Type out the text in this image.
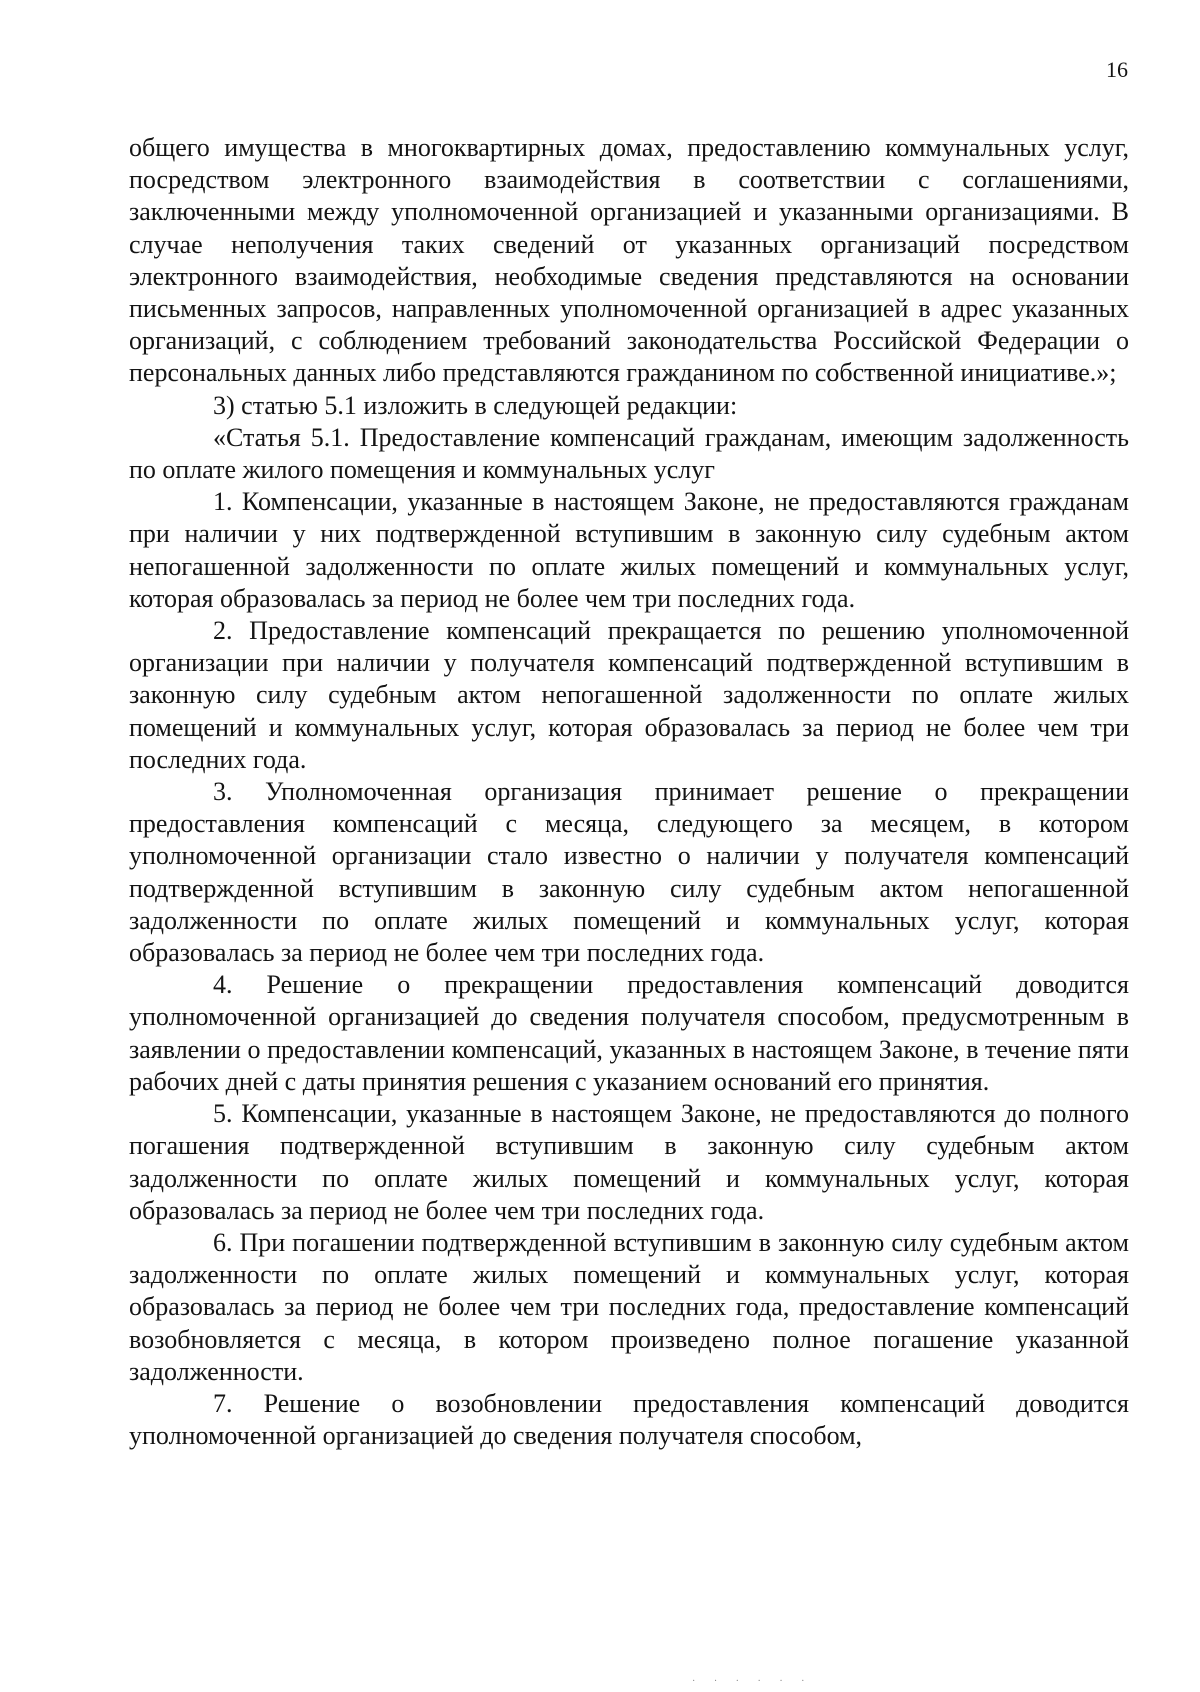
16

общего имущества в многоквартирных домах, предоставлению коммунальных услуг, посредством электронного взаимодействия в соответствии с соглашениями, заключенными между уполномоченной организацией и указанными организациями. В случае неполучения таких сведений от указанных организаций посредством электронного взаимодействия, необходимые сведения представляются на основании письменных запросов, направленных уполномоченной организацией в адрес указанных организаций, с соблюдением требований законодательства Российской Федерации о персональных данных либо представляются гражданином по собственной инициативе.»;

3) статью 5.1 изложить в следующей редакции:

«Статья 5.1. Предоставление компенсаций гражданам, имеющим задолженность по оплате жилого помещения и коммунальных услуг

1. Компенсации, указанные в настоящем Законе, не предоставляются гражданам при наличии у них подтвержденной вступившим в законную силу судебным актом непогашенной задолженности по оплате жилых помещений и коммунальных услуг, которая образовалась за период не более чем три последних года.

2. Предоставление компенсаций прекращается по решению уполномоченной организации при наличии у получателя компенсаций подтвержденной вступившим в законную силу судебным актом непогашенной задолженности по оплате жилых помещений и коммунальных услуг, которая образовалась за период не более чем три последних года.

3. Уполномоченная организация принимает решение о прекращении предоставления компенсаций с месяца, следующего за месяцем, в котором уполномоченной организации стало известно о наличии у получателя компенсаций подтвержденной вступившим в законную силу судебным актом непогашенной задолженности по оплате жилых помещений и коммунальных услуг, которая образовалась за период не более чем три последних года.

4. Решение о прекращении предоставления компенсаций доводится уполномоченной организацией до сведения получателя способом, предусмотренным в заявлении о предоставлении компенсаций, указанных в настоящем Законе, в течение пяти рабочих дней с даты принятия решения с указанием оснований его принятия.

5. Компенсации, указанные в настоящем Законе, не предоставляются до полного погашения подтвержденной вступившим в законную силу судебным актом задолженности по оплате жилых помещений и коммунальных услуг, которая образовалась за период не более чем три последних года.

6. При погашении подтвержденной вступившим в законную силу судебным актом задолженности по оплате жилых помещений и коммунальных услуг, которая образовалась за период не более чем три последних года, предоставление компенсаций возобновляется с месяца, в котором произведено полное погашение указанной задолженности.

7. Решение о возобновлении предоставления компенсаций доводится уполномоченной организацией до сведения получателя способом,

· · · · · ·
